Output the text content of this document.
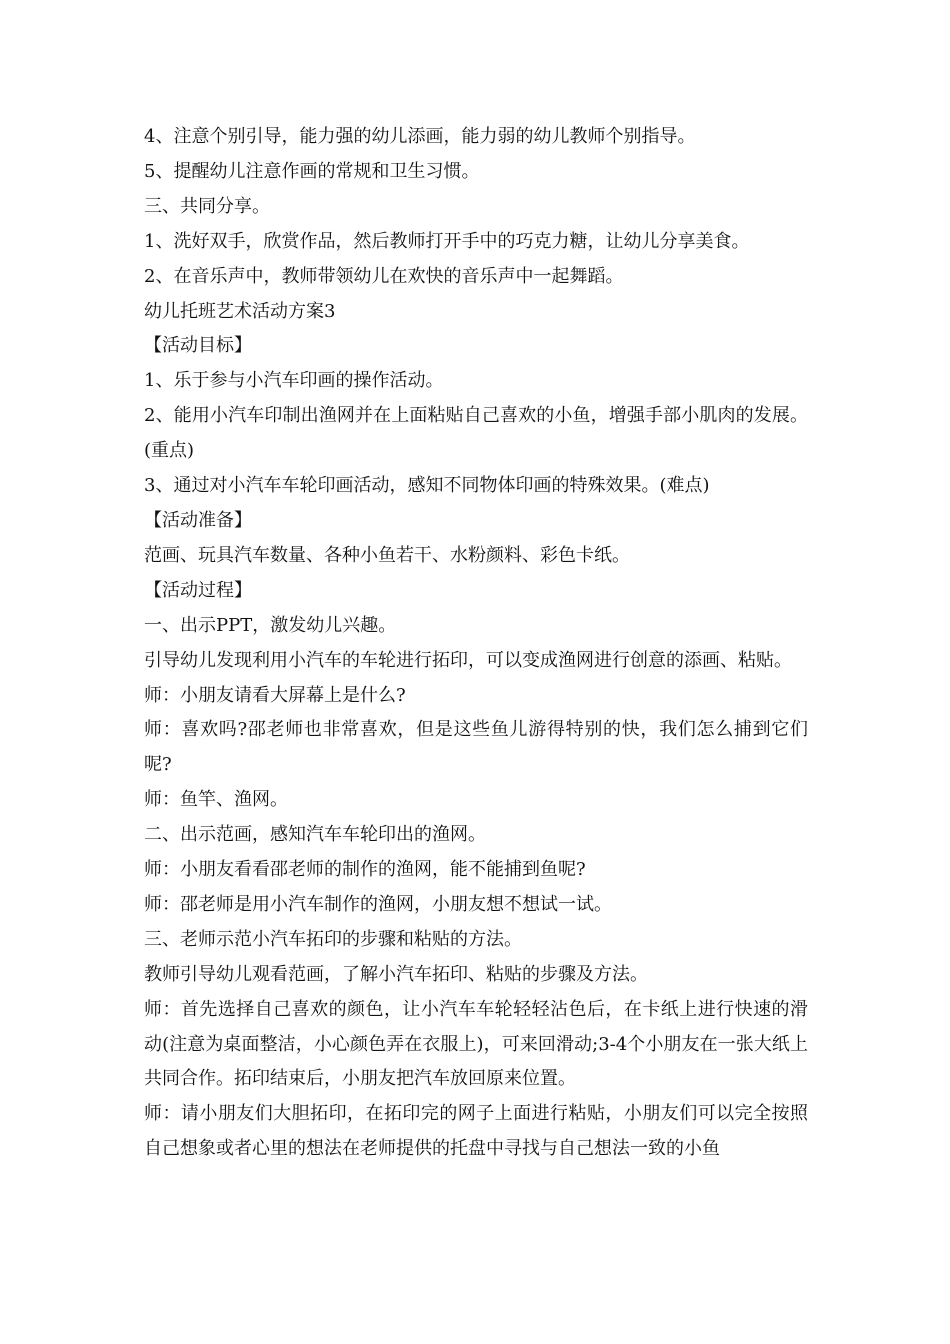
4、注意个别引导，能力强的幼儿添画，能力弱的幼儿教师个别指导。

5、提醒幼儿注意作画的常规和卫生习惯。

三、共同分享。

1、洗好双手，欣赏作品，然后教师打开手中的巧克力糖，让幼儿分享美食。

2、在音乐声中，教师带领幼儿在欢快的音乐声中一起舞蹈。

幼儿托班艺术活动方案3

【活动目标】

1、乐于参与小汽车印画的操作活动。

2、能用小汽车印制出渔网并在上面粘贴自己喜欢的小鱼，增强手部小肌肉的发展。(重点)

3、通过对小汽车车轮印画活动，感知不同物体印画的特殊效果。(难点)

【活动准备】

范画、玩具汽车数量、各种小鱼若干、水粉颜料、彩色卡纸。

【活动过程】

一、出示PPT，激发幼儿兴趣。

引导幼儿发现利用小汽车的车轮进行拓印，可以变成渔网进行创意的添画、粘贴。

师：小朋友请看大屏幕上是什么?

师：喜欢吗?邵老师也非常喜欢，但是这些鱼儿游得特别的快，我们怎么捕到它们呢?

师：鱼竿、渔网。

二、出示范画，感知汽车车轮印出的渔网。

师：小朋友看看邵老师的制作的渔网，能不能捕到鱼呢?

师：邵老师是用小汽车制作的渔网，小朋友想不想试一试。

三、老师示范小汽车拓印的步骤和粘贴的方法。

教师引导幼儿观看范画，了解小汽车拓印、粘贴的步骤及方法。

师：首先选择自己喜欢的颜色，让小汽车车轮轻轻沾色后，在卡纸上进行快速的滑动(注意为桌面整洁，小心颜色弄在衣服上)，可来回滑动;3-4个小朋友在一张大纸上共同合作。拓印结束后，小朋友把汽车放回原来位置。

师：请小朋友们大胆拓印，在拓印完的网子上面进行粘贴，小朋友们可以完全按照自己想象或者心里的想法在老师提供的托盘中寻找与自己想法一致的小鱼
